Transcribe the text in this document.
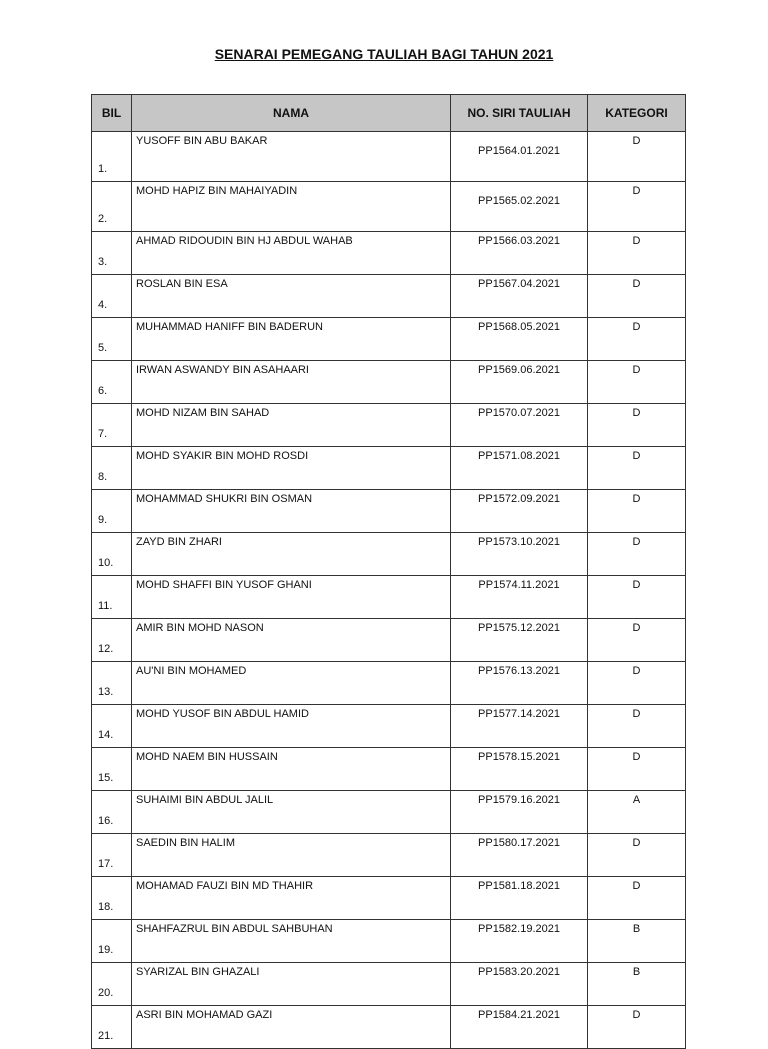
SENARAI PEMEGANG TAULIAH BAGI TAHUN 2021
BIL	NAMA	NO. SIRI TAULIAH	KATEGORI
1.	YUSOFF BIN ABU BAKAR	PP1564.01.2021	D
2.	MOHD HAPIZ BIN MAHAIYADIN	PP1565.02.2021	D
3.	AHMAD RIDOUDIN BIN HJ ABDUL WAHAB	PP1566.03.2021	D
4.	ROSLAN BIN ESA	PP1567.04.2021	D
5.	MUHAMMAD HANIFF BIN BADERUN	PP1568.05.2021	D
6.	IRWAN ASWANDY BIN ASAHAARI	PP1569.06.2021	D
7.	MOHD NIZAM BIN SAHAD	PP1570.07.2021	D
8.	MOHD SYAKIR BIN MOHD ROSDI	PP1571.08.2021	D
9.	MOHAMMAD SHUKRI BIN OSMAN	PP1572.09.2021	D
10.	ZAYD BIN ZHARI	PP1573.10.2021	D
11.	MOHD SHAFFI BIN YUSOF GHANI	PP1574.11.2021	D
12.	AMIR BIN MOHD NASON	PP1575.12.2021	D
13.	AU'NI BIN MOHAMED	PP1576.13.2021	D
14.	MOHD YUSOF BIN ABDUL HAMID	PP1577.14.2021	D
15.	MOHD NAEM BIN HUSSAIN	PP1578.15.2021	D
16.	SUHAIMI BIN ABDUL JALIL	PP1579.16.2021	A
17.	SAEDIN BIN HALIM	PP1580.17.2021	D
18.	MOHAMAD FAUZI BIN MD THAHIR	PP1581.18.2021	D
19.	SHAHFAZRUL BIN ABDUL SAHBUHAN	PP1582.19.2021	B
20.	SYARIZAL BIN GHAZALI	PP1583.20.2021	B
21.	ASRI BIN MOHAMAD GAZI	PP1584.21.2021	D
